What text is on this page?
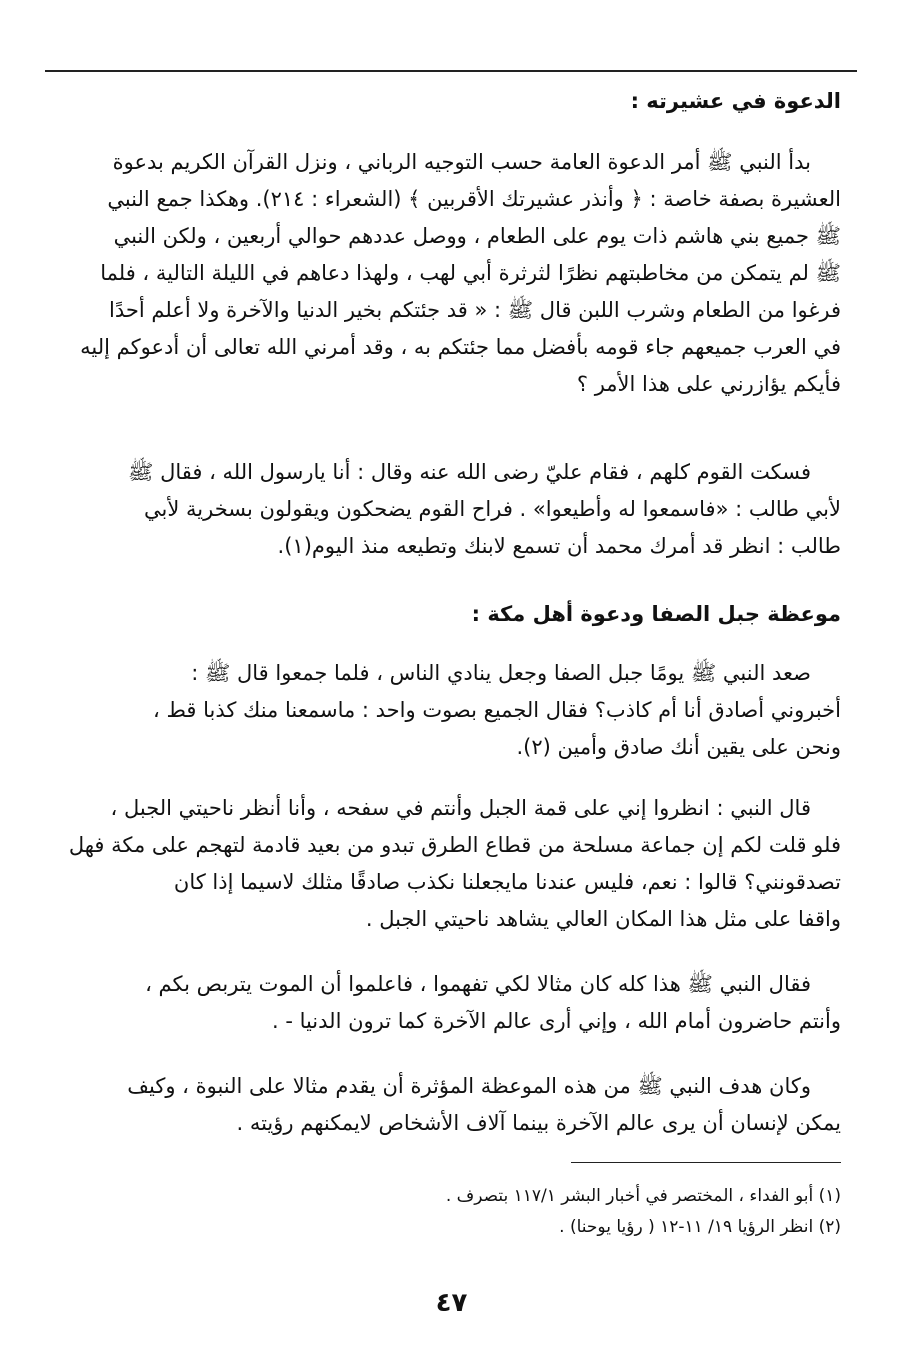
الدعوة في عشيرته :
بدأ النبي ﷺ أمر الدعوة العامة حسب التوجيه الرباني ، ونزل القرآن الكريم بدعوة
العشيرة بصفة خاصة : ﴿ وأنذر عشيرتك الأقربين ﴾ (الشعراء : ٢١٤). وهكذا جمع النبي
ﷺ جميع بني هاشم ذات يوم على الطعام ، ووصل عددهم حوالي أربعين ، ولكن النبي
ﷺ لم يتمكن من مخاطبتهم نظرًا لثرثرة أبي لهب ، ولهذا دعاهم في الليلة التالية ، فلما
فرغوا من الطعام وشرب اللبن قال ﷺ : « قد جئتكم بخير الدنيا والآخرة ولا أعلم أحدًا
في العرب جميعهم جاء قومه بأفضل مما جئتكم به ، وقد أمرني الله تعالى أن أدعوكم إليه
فأيكم يؤازرني على هذا الأمر ؟
فسكت القوم كلهم ، فقام عليّ رضى الله عنه وقال : أنا يارسول الله ، فقال ﷺ
لأبي طالب : «فاسمعوا له وأطيعوا» . فراح القوم يضحكون ويقولون بسخرية لأبي
طالب : انظر قد أمرك محمد أن تسمع لابنك وتطيعه منذ اليوم(١).
موعظة جبل الصفا ودعوة أهل مكة :
صعد النبي ﷺ يومًا جبل الصفا وجعل ينادي الناس ، فلما جمعوا قال ﷺ :
أخبروني أصادق أنا أم كاذب؟ فقال الجميع بصوت واحد : ماسمعنا منك كذبا قط ،
ونحن على يقين أنك صادق وأمين (٢).
قال النبي : انظروا إني على قمة الجبل وأنتم في سفحه ، وأنا أنظر ناحيتي الجبل ،
فلو قلت لكم إن جماعة مسلحة من قطاع الطرق تبدو من بعيد قادمة لتهجم على مكة فهل
تصدقونني؟ قالوا : نعم، فليس عندنا مايجعلنا نكذب صادقًا مثلك لاسيما إذا كان
واقفا على مثل هذا المكان العالي يشاهد ناحيتي الجبل .
فقال النبي ﷺ هذا كله كان مثالا لكي تفهموا ، فاعلموا أن الموت يتربص بكم ،
وأنتم حاضرون أمام الله ، وإني أرى عالم الآخرة كما ترون الدنيا - .
وكان هدف النبي ﷺ من هذه الموعظة المؤثرة أن يقدم مثالا على النبوة ، وكيف
يمكن لإنسان أن يرى عالم الآخرة بينما آلاف الأشخاص لايمكنهم رؤيته .
(١) أبو الفداء ، المختصر في أخبار البشر ١١٧/١ بتصرف .
(٢) انظر الرؤيا ١٩/ ١١-١٢ ( رؤيا يوحنا) .
٤٧
